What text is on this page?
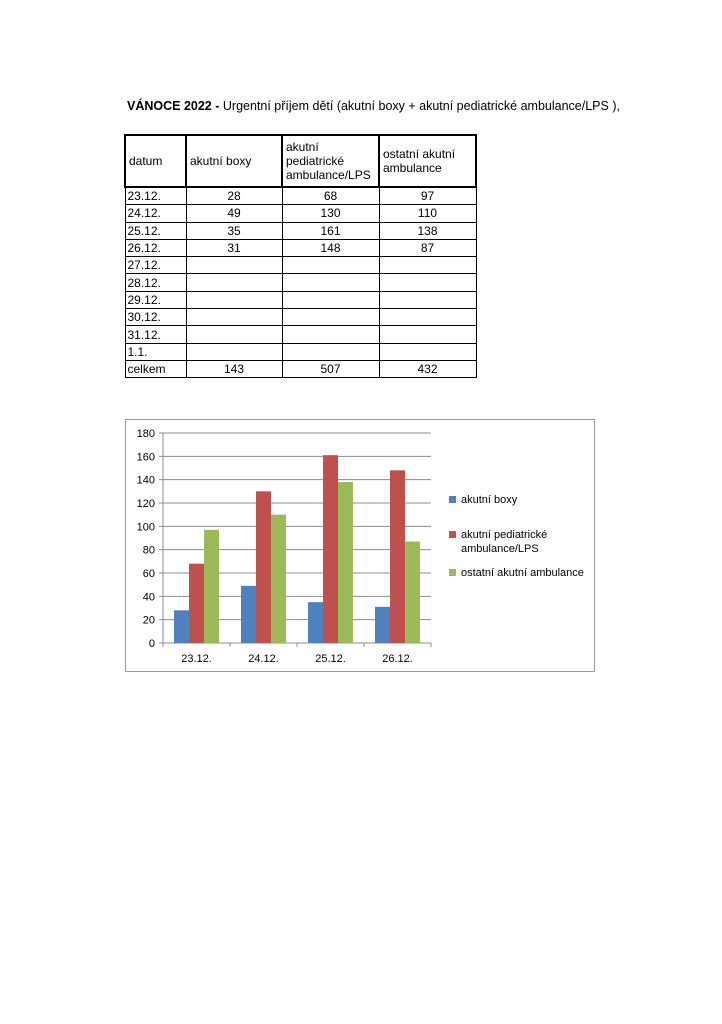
VÁNOCE 2022 - Urgentní příjem dětí (akutní boxy + akutní pediatrické ambulance/LPS ),
datum	akutní boxy	akutní pediatrické ambulance/LPS	ostatní akutní ambulance
23.12.	28	68	97
24.12.	49	130	110
25.12.	35	161	138
26.12.	31	148	87
27.12.			
28.12.			
29.12.			
30.12.			
31.12.			
1.1.			
celkem	143	507	432
0
20
40
60
80
100
120
140
160
180
23.12.	24.12.	25.12.	26.12.
akutní boxy
akutní pediatrické
ambulance/LPS
ostatní akutní ambulance
